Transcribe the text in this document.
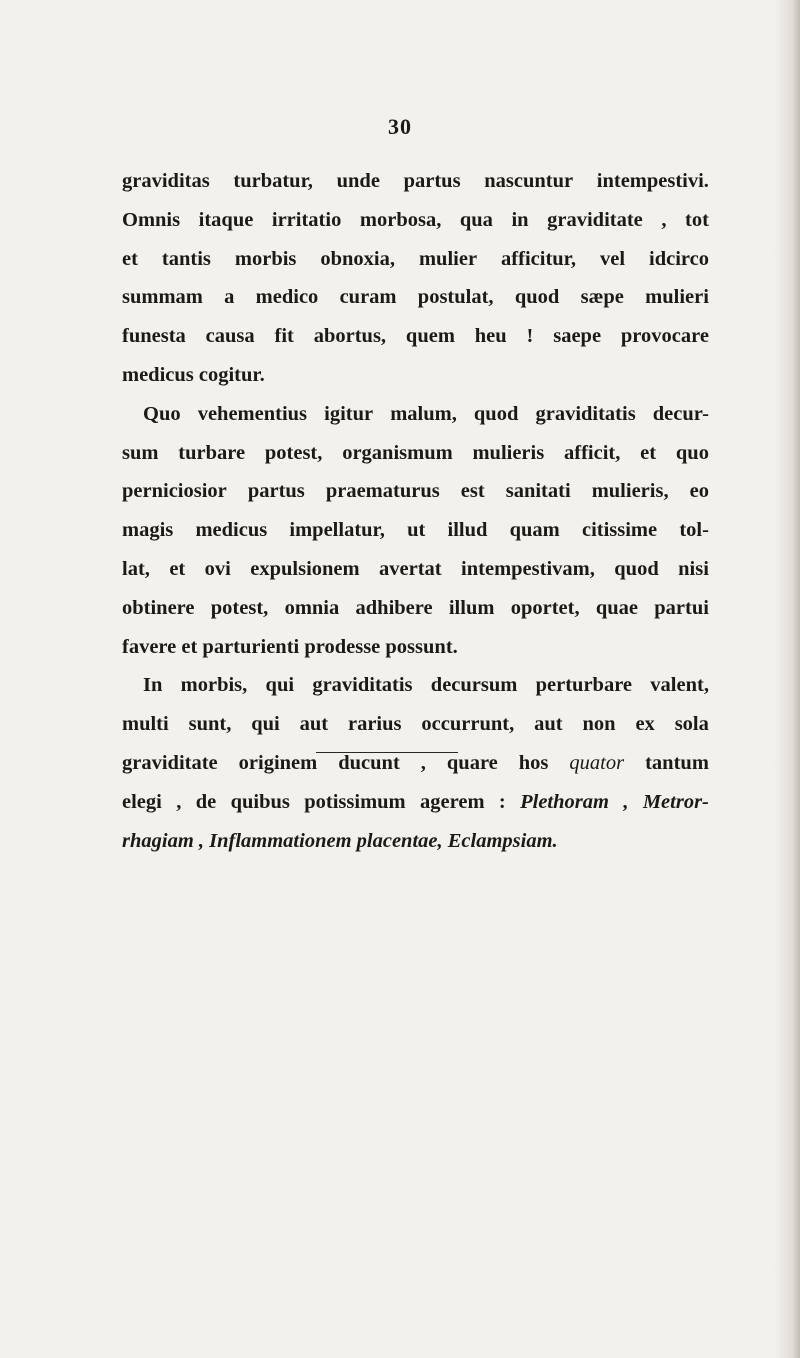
30
graviditas turbatur, unde partus nascuntur intempestivi.
Omnis itaque irritatio morbosa, qua in graviditate , tot
et tantis morbis obnoxia, mulier afficitur, vel idcirco
summam a medico curam postulat, quod sæpe mulieri
funesta causa fit abortus, quem heu ! saepe provocare
medicus cogitur.
Quo vehementius igitur malum, quod graviditatis decur-
sum turbare potest, organismum mulieris afficit, et quo
perniciosior partus praematurus est sanitati mulieris, eo
magis medicus impellatur, ut illud quam citissime tol-
lat, et ovi expulsionem avertat intempestivam, quod nisi
obtinere potest, omnia adhibere illum oportet, quae partui
favere et parturienti prodesse possunt.
In morbis, qui graviditatis decursum perturbare valent,
multi sunt, qui aut rarius occurrunt, aut non ex sola
graviditate originem ducunt , quare hos quator tantum
elegi , de quibus potissimum agerem : Plethoram , Metror-
rhagiam , Inflammationem placentae, Eclampsiam.
